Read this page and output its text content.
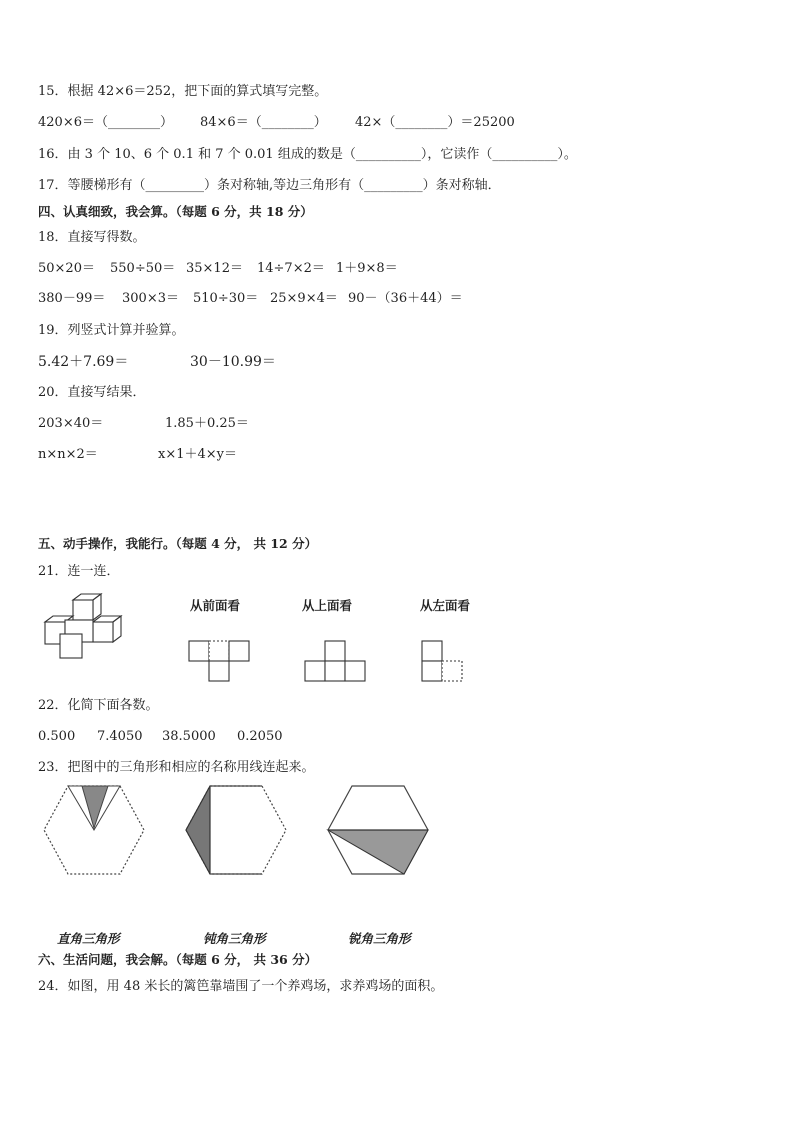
15．根据 42×6＝252，把下面的算式填写完整。
420×6＝（________） 84×6＝（________） 42×（________）＝25200
16．由 3 个 10、6 个 0.1 和 7 个 0.01 组成的数是（__________），它读作（__________）。
17．等腰梯形有（_________）条对称轴,等边三角形有（_________）条对称轴．
四、认真细致，我会算。（每题 6 分，共 18 分）
18．直接写得数。
50×20＝ 550÷50＝ 35×12＝ 14÷7×2＝ 1＋9×8＝
380－99＝ 300×3＝ 510÷30＝ 25×9×4＝ 90－（36＋44）＝
19．列竖式计算并验算。
5.42＋7.69＝	30－10.99＝
20．直接写结果．
203×40＝	1.85＋0.25＝
n×n×2＝	x×1＋4×y＝
五、动手操作，我能行。（每题 4 分， 共 12 分）
21．连一连．
从前面看	从上面看	从左面看
22．化简下面各数。
0.500 7.4050 38.5000 0.2050
23．把图中的三角形和相应的名称用线连起来。
直角三角形	钝角三角形	锐角三角形
六、生活问题，我会解。（每题 6 分， 共 36 分）
24．如图，用 48 米长的篱笆靠墙围了一个养鸡场，求养鸡场的面积。
